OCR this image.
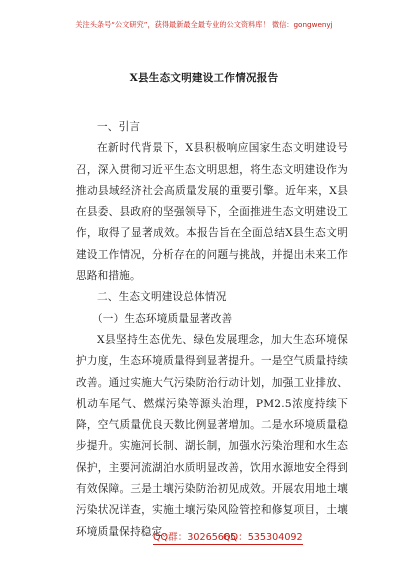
关注头条号“公文研究”，获得最新最全最专业的公文资料库！ 微信：gongwenyj
X县生态文明建设工作情况报告
一、引言
在新时代背景下，X县积极响应国家生态文明建设号召，深入贯彻习近平生态文明思想，将生态文明建设作为推动县域经济社会高质量发展的重要引擎。近年来，X县在县委、县政府的坚强领导下，全面推进生态文明建设工作，取得了显著成效。本报告旨在全面总结X县生态文明建设工作情况，分析存在的问题与挑战，并提出未来工作思路和措施。
二、生态文明建设总体情况
（一）生态环境质量显著改善
X县坚持生态优先、绿色发展理念，加大生态环境保护力度，生态环境质量得到显著提升。一是空气质量持续改善。通过实施大气污染防治行动计划，加强工业排放、机动车尾气、燃煤污染等源头治理，PM2.5浓度持续下降，空气质量优良天数比例显著增加。二是水环境质量稳步提升。实施河长制、湖长制，加强水污染治理和水生态保护，主要河流湖泊水质明显改善，饮用水源地安全得到有效保障。三是土壤污染防治初见成效。开展农用地土壤污染状况详查，实施土壤污染风险管控和修复项目，土壤环境质量保持稳定。
QQ群：30265665
QQ：535304092
